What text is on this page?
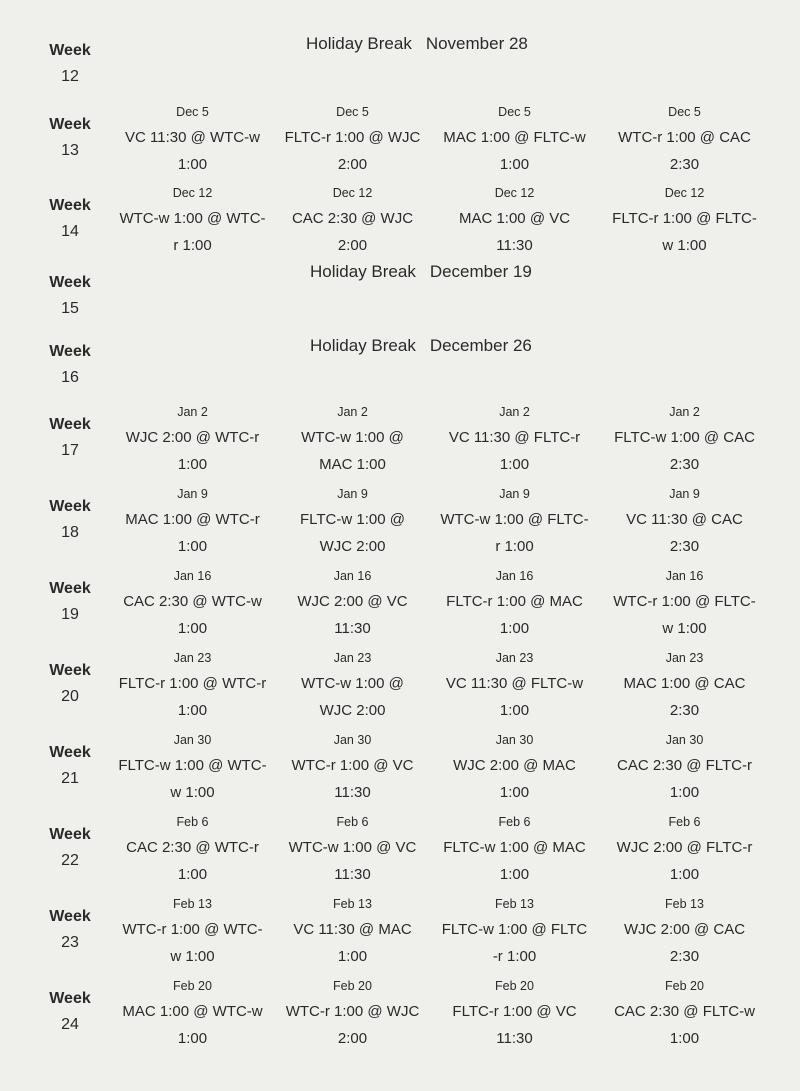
Week
12
Holiday Break November 28
Week
15
Holiday Break December 19
Week
16
Holiday Break December 26
Week
13
Dec 5
VC 11:30 @ WTC-w
1:00
Dec 5
FLTC-r 1:00 @ WJC
2:00
Dec 5
MAC 1:00 @ FLTC-w
1:00
Dec 5
WTC-r 1:00 @ CAC
2:30
Week
14
Dec 12
WTC-w 1:00 @ WTC-
r 1:00
Dec 12
CAC 2:30 @ WJC
2:00
Dec 12
MAC 1:00 @ VC
11:30
Dec 12
FLTC-r 1:00 @ FLTC-
w 1:00
Week
17
Jan 2
WJC 2:00 @ WTC-r
1:00
Jan 2
WTC-w 1:00 @
MAC 1:00
Jan 2
VC 11:30 @ FLTC-r
1:00
Jan 2
FLTC-w 1:00 @ CAC
2:30
Week
18
Jan 9
MAC 1:00 @ WTC-r
1:00
Jan 9
FLTC-w 1:00 @
WJC 2:00
Jan 9
WTC-w 1:00 @ FLTC-
r 1:00
Jan 9
VC 11:30 @ CAC
2:30
Week
19
Jan 16
CAC 2:30 @ WTC-w
1:00
Jan 16
WJC 2:00 @ VC
11:30
Jan 16
FLTC-r 1:00 @ MAC
1:00
Jan 16
WTC-r 1:00 @ FLTC-
w 1:00
Week
20
Jan 23
FLTC-r 1:00 @ WTC-r
1:00
Jan 23
WTC-w 1:00 @
WJC 2:00
Jan 23
VC 11:30 @ FLTC-w
1:00
Jan 23
MAC 1:00 @ CAC
2:30
Week
21
Jan 30
FLTC-w 1:00 @ WTC-
w 1:00
Jan 30
WTC-r 1:00 @ VC
11:30
Jan 30
WJC 2:00 @ MAC
1:00
Jan 30
CAC 2:30 @ FLTC-r
1:00
Week
22
Feb 6
CAC 2:30 @ WTC-r
1:00
Feb 6
WTC-w 1:00 @ VC
11:30
Feb 6
FLTC-w 1:00 @ MAC
1:00
Feb 6
WJC 2:00 @ FLTC-r
1:00
Week
23
Feb 13
WTC-r 1:00 @ WTC-
w 1:00
Feb 13
VC 11:30 @ MAC
1:00
Feb 13
FLTC-w 1:00 @ FLTC
-r 1:00
Feb 13
WJC 2:00 @ CAC
2:30
Week
24
Feb 20
MAC 1:00 @ WTC-w
1:00
Feb 20
WTC-r 1:00 @ WJC
2:00
Feb 20
FLTC-r 1:00 @ VC
11:30
Feb 20
CAC 2:30 @ FLTC-w
1:00
